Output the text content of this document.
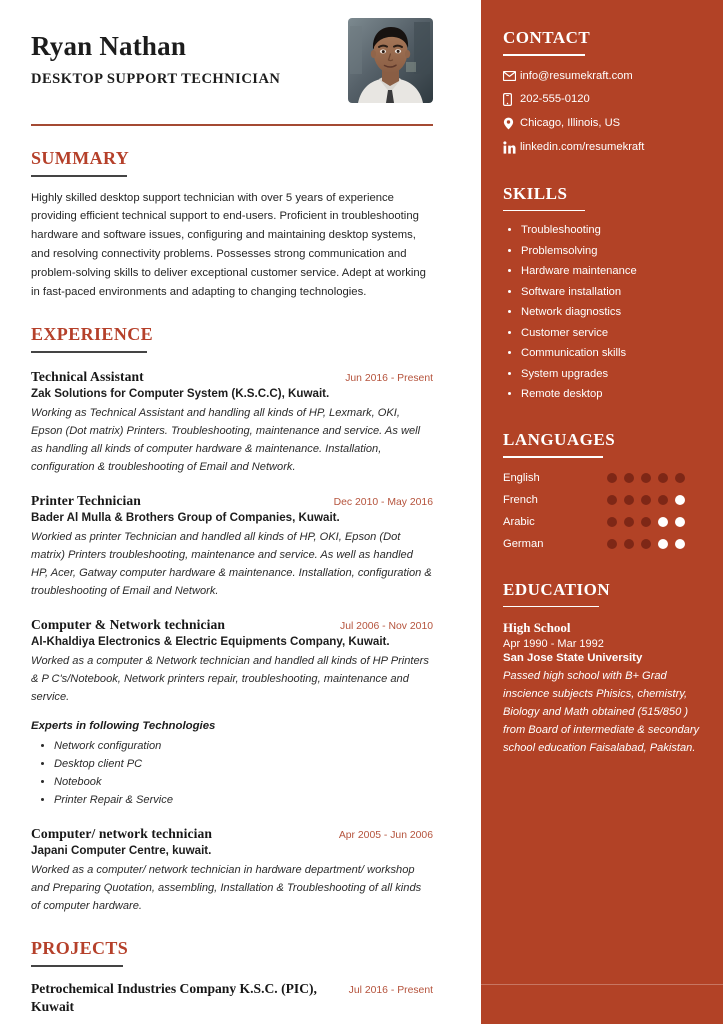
Ryan Nathan
DESKTOP SUPPORT TECHNICIAN
SUMMARY

Highly skilled desktop support technician with over 5 years of experience providing efficient technical support to end-users. Proficient in troubleshooting hardware and software issues, configuring and maintaining desktop systems, and resolving connectivity problems. Possesses strong communication and problem-solving skills to deliver exceptional customer service. Adept at working in fast-paced environments and adapting to changing technologies.

EXPERIENCE
Technical Assistant	Jun 2016 - Present
Zak Solutions for Computer System (K.S.C.C), Kuwait.
Working as Technical Assistant and handling all kinds of HP, Lexmark, OKI, Epson (Dot matrix) Printers. Troubleshooting, maintenance and service. As well as handling all kinds of computer hardware & maintenance. Installation, configuration & troubleshooting of Email and Network.
Printer Technician	Dec 2010 - May 2016
Bader Al Mulla & Brothers Group of Companies, Kuwait.
Workied as printer Technician and handled all kinds of HP, OKI, Epson (Dot matrix) Printers troubleshooting, maintenance and service. As well as handled HP, Acer, Gatway computer hardware & maintenance. Installation, configuration & troubleshooting of Email and Network.
Computer & Network technician	Jul 2006 - Nov 2010
Al-Khaldiya Electronics & Electric Equipments Company, Kuwait.
Worked as a computer & Network technician and handled all kinds of HP Printers & P C's/Notebook, Network printers repair, troubleshooting, maintenance and service.
Experts in following Technologies
• Network configuration
• Desktop client PC
• Notebook
• Printer Repair & Service
Computer/ network technician	Apr 2005 - Jun 2006
Japani Computer Centre, kuwait.
Worked as a computer/ network technician in hardware department/ workshop and Preparing Quotation, assembling, Installation & Troubleshooting of all kinds of computer hardware.
PROJECTS
Petrochemical Industries Company K.S.C. (PIC), Kuwait
Jul 2016 - Present
CONTACT
info@resumekraft.com
202-555-0120
Chicago, Illinois, US
linkedin.com/resumekraft
SKILLS
• Troubleshooting
• Problemsolving
• Hardware maintenance
• Software installation
• Network diagnostics
• Customer service
• Communication skills
• System upgrades
• Remote desktop
LANGUAGES
English
French
Arabic
German
EDUCATION
High School
Apr 1990 - Mar 1992
San Jose State University
Passed high school with B+ Grad inscience subjects Phisics, chemistry, Biology and Math obtained (515/850 ) from Board of intermediate & secondary school education Faisalabad, Pakistan.
